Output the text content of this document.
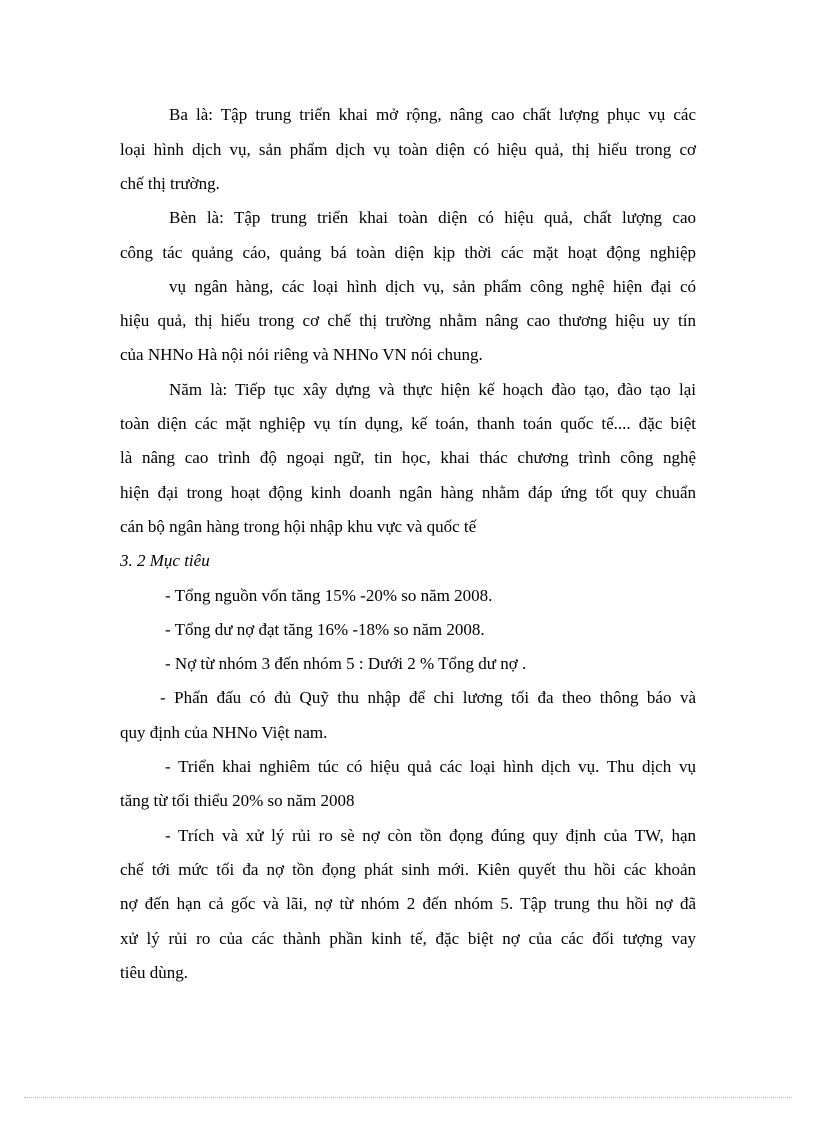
Ba là: Tập trung triển khai mở rộng, nâng cao chất lượng phục vụ các
loại hình dịch vụ, sản phẩm dịch vụ toàn diện có hiệu quả, thị hiếu trong cơ
chế thị trường.
Bèn là: Tập trung triển khai toàn diện có hiệu quả, chất lượng cao
công tác quảng cáo, quảng bá toàn diện kịp thời các mặt hoạt động nghiệp
vụ ngân hàng, các loại hình dịch vụ, sản phẩm công nghệ hiện đại có
hiệu quả, thị hiếu trong cơ chế thị trường nhằm nâng cao thương hiệu uy tín
của NHNo Hà nội nói riêng và NHNo VN nói chung.
Năm là: Tiếp tục xây dựng và thực hiện kế hoạch đào tạo, đào tạo lại
toàn diện các mặt nghiệp vụ tín dụng, kế toán, thanh toán quốc tế.... đặc biệt
là nâng cao trình độ ngoại ngữ, tin học, khai thác chương trình công nghệ
hiện đại trong hoạt động kinh doanh ngân hàng nhằm đáp ứng tốt quy chuẩn
cán bộ ngân hàng trong hội nhập khu vực và quốc tế
3. 2 Mục tiêu
- Tổng nguồn vốn tăng 15% -20% so năm 2008.
- Tổng dư nợ đạt tăng 16% -18% so năm 2008.
- Nợ từ nhóm 3 đến nhóm 5 : Dưới 2 % Tổng dư nợ .
- Phấn đấu có đủ Quỹ thu nhập để chi lương tối đa theo thông báo và
quy định của NHNo Việt nam.
- Triển khai nghiêm túc có hiệu quả các loại hình dịch vụ. Thu dịch vụ
tăng từ tối thiểu 20% so năm 2008
- Trích và xử lý rủi ro sè nợ còn tồn đọng đúng quy định của TW, hạn
chế tới mức tối đa nợ tồn đọng phát sinh mới. Kiên quyết thu hồi các khoản
nợ đến hạn cả gốc và lãi, nợ từ nhóm 2 đến nhóm 5. Tập trung thu hồi nợ đã
xử lý rủi ro của các thành phần kinh tế, đặc biệt nợ của các đối tượng vay
tiêu dùng.
